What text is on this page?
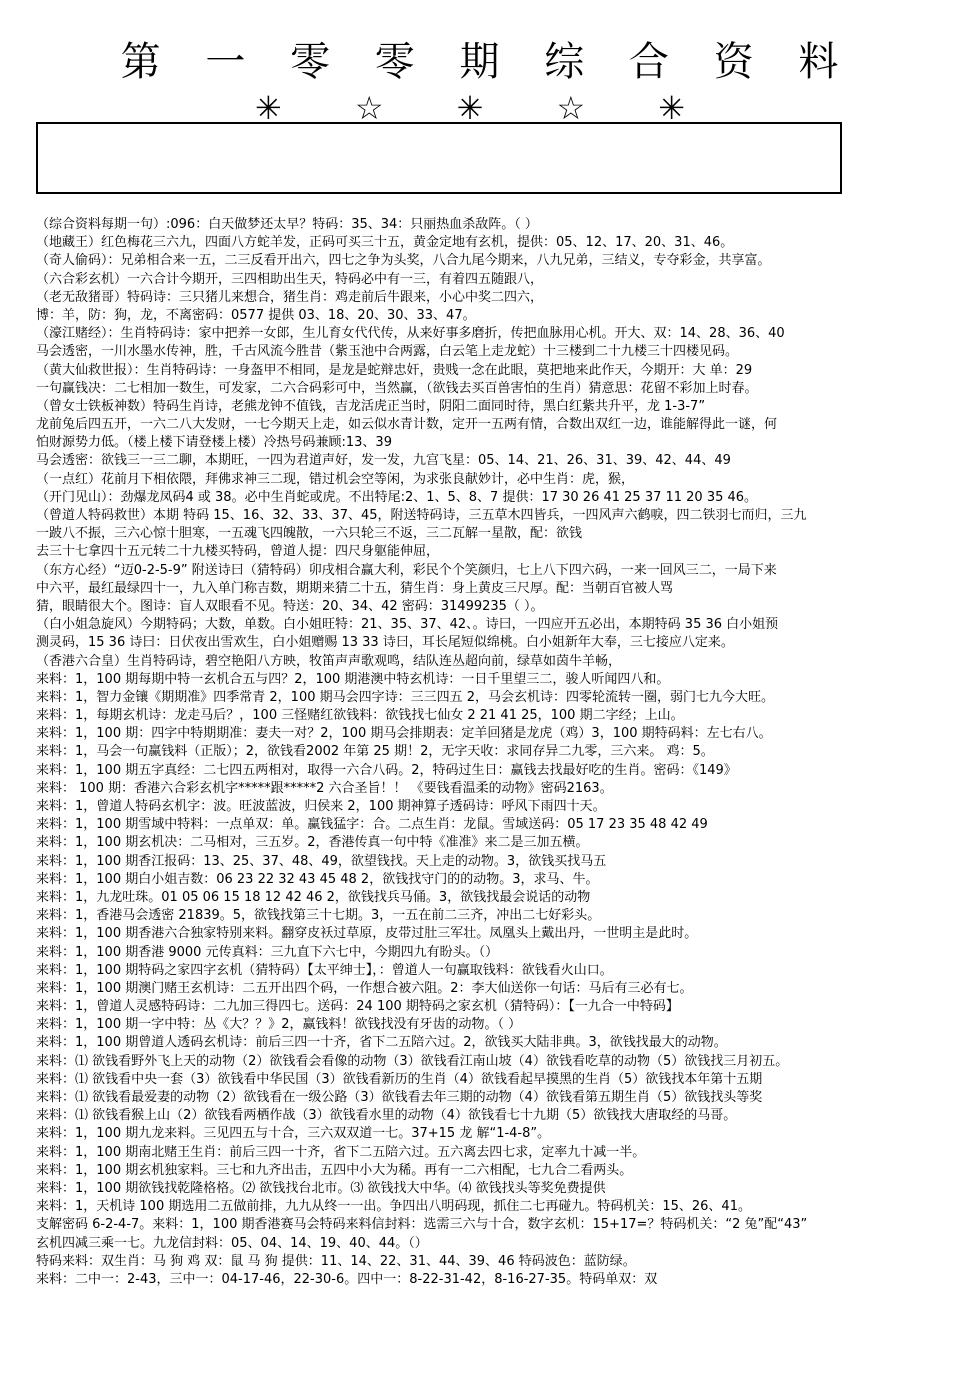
第 一 零 零 期 综 合 资 料
✳ ☆ ✳ ☆ ✳
（综合资料每期一句）:096：白天做梦还太早？特码：35、34：只丽热血杀敌阵。（ ）
（地藏王）红色梅花三六九，四面八方蛇羊发，正码可买三十五，黄金定地有玄机，提供：05、12、17、20、31、46。
（奇人偷码）：兄弟相合来一五，二三反看开出六，四七之争为头奖，八合九尾今期来，八九兄弟，三结义，专夺彩金，共享富。
（六合彩玄机）一六合计今期开，三四相助出生天，特码必中有一三，有着四五随跟八，
（老无敌猪哥）特码诗：三只猪儿来想合，猪生肖：鸡走前后牛跟来，小心中奖二四六，
博：羊，防：狗，龙，不离密码：0577 提供 03、18、20、30、33、47。
（濠江赌经）：生肖特码诗：家中把养一女郎，生儿育女代代传，从来好事多磨折，传把血脉用心机。开大、双：14、28、36、40
马会透密，一川水墨水传神，胜，千古风流今胜昔（紫玉池中合两露，白云笔上走龙蛇）十三楼到二十九楼三十四楼见码。
（黄大仙救世报）：生肖特码诗：一身盔甲不相同，是龙是蛇辩忠奸，贵贱一念在此眼，莫把地来此作天，今期开：大 单：29
一句赢钱决：二七相加一数生，可发家，二六合码彩可中，当然赢，（欲钱去买百兽害怕的生肖）猜意思：花留不彩加上时春。
（曾女士铁板神数）特码生肖诗，老熊龙钟不值钱，吉龙活虎正当时，阴阳二面同时待，黑白红紫共升平，龙 1-3-7”
龙前兔后四五开，一六二八大发财，一七今期天上走，如云似水青计数，定开一五两有情，合数出双红一边，谁能解得此一谜，何
怕财源势力低。（楼上楼下请登楼上楼）冷热号码兼顾:13、39
马会透密：欲钱三一三二聊，本期旺，一四为君道声好，发一发，九宫飞星：05、14、21、26、31、39、42、44、49
（一点红）花前月下相依隈，拜佛求神三二现，错过机会空等闲，为求张良献妙计，必中生肖：虎，猴，
（开门见山）：劲爆龙凤码4 或 38。必中生肖蛇或虎。不出特尾:2、1、5、8、7 提供：17 30 26 41 25 37 11 20 35 46。
（曾道人特码救世）本期 特码 15、16、32、33、37、45，附送特码诗，三五草木四皆兵，一四风声六鹤唳，四二铁羽七而归，三九
一跛八不振，三六心惊十胆寒，一五魂飞四魄散，一六只轮三不返，三二瓦解一星散，配：欲钱
去三十七拿四十五元转二十九楼买特码，曾道人提：四尺身躯能伸屈，
（东方心经）“迈0-2-5-9” 附送诗曰（猜特码）卯戌相合赢大利，彩民个个笑颜归，七上八下四六码，一来一回风三二，一局下来
中六平，最红最绿四十一，九入单门称吉数，期期来猜二十五，猜生肖：身上黄皮三尺厚。配：当朝百官被人骂
猜，眼睛很大个。图诗：盲人双眼看不见。特送：20、34、42 密码：31499235（ ）。
（白小姐急旋风）今期特码；大数，单数。白小姐旺特：21、35、37、42、。诗曰，一四应开五必出，本期特码 35 36 白小姐预
测灵码，15 36 诗曰：日伏夜出雪欢生，白小姐赠赐 13 33 诗曰，耳长尾短似绵桃。白小姐新年大奉，三七接应八定来。
（香港六合皇）生肖特码诗，碧空艳阳八方映，牧笛声声歌观鸣，结队连丛超向前，绿草如茵牛羊畅，
来料：1，100 期每期中特一玄机合五与四？2，100 期港澳中特玄机诗：一日千里望三二，骏人听闻四八和。
来料：1，智力金镶《期期准》四季常青 2，100 期马会四字诗：三三四五 2，马会玄机诗：四零轮流转一圈，弱门七九今大旺。
来料：1，每期玄机诗：龙走马后？，100 三怪赌红欲钱料：欲钱找七仙女 2 21 41 25，100 期二字经；上山。
来料：1，100 期：四字中特期期准：妻夫一对？2，100 期马会排期表：定羊回猪是龙虎（鸡）3，100 期特码料：左七右八。
来料：1，马会一句赢钱料（正版）；2，欲钱看2002 年第 25 期！2，无字天收：求同存异二九零，三六来。 鸡：5。
来料：1，100 期五字真经：二七四五两相对，取得一六合八码。2，特码过生日：赢钱去找最好吃的生肖。密码：《149》
来料： 100 期：香港六合彩玄机字*****跟*****2 六合圣旨！！ 《要钱看温柔的动物》密码2163。
来料：1，曾道人特码玄机字：波。旺波蓝波，归侯来 2，100 期神算子透码诗：呼风下雨四十天。
来料：1，100 期雪域中特料：一点单双：单。赢钱猛字：合。二点生肖：龙鼠。雪域送码：05 17 23 35 48 42 49
来料：1，100 期玄机决：二马相对，三五岁。2，香港传真一句中特《准准》来二是三加五横。
来料：1，100 期香江报码：13、25、37、48、49，欲望钱找。天上走的动物。3，欲钱买找马五
来料：1，100 期白小姐吉数：06 23 22 32 43 45 48 2，欲钱找守门的的动物。3，求马、牛。
来料：1，九龙吐珠。01 05 06 15 18 12 42 46 2，欲钱找兵马俑。3，欲钱找最会说话的动物
来料：1，香港马会透密 21839。5，欲钱找第三十七期。3，一五在前二三齐，冲出二七好彩头。
来料：1，100 期香港六合独家特别来料。翻穿皮袄过草原，皮带过肚三军壮。凤凰头上戴出丹，一世明主是此时。
来料：1，100 期香港 9000 元传真料：三九直下六七中，今期四九有盼头。（）
来料：1，100 期特码之家四字玄机（猜特码）【太平绅士】，：曾道人一句赢取钱料：欲钱看火山口。
来料：1，100 期澳门赌王玄机诗：二五开出四个码，一作想合被六阻。2：李大仙送你一句话：马后有三必有七。
来料：1，曾道人灵感特码诗：二九加三得四七。送码：24 100 期特码之家玄机（猜特码）：【一九合一中特码】
来料：1，100 期一字中特：丛《大？？》2，赢钱料！欲钱找没有牙齿的动物。（ ）
来料：1，100 期曾道人透码玄机诗：前后三四一十齐，省下二五陪六过。2，欲钱买大陆非典。3，欲钱找最大的动物。
来料：⑴ 欲钱看野外飞上天的动物（2）欲钱看会看像的动物（3）欲钱看江南山坡（4）欲钱看吃草的动物（5）欲钱找三月初五。
来料：⑴ 欲钱看中央一套（3）欲钱看中华民国（3）欲钱看新历的生肖（4）欲钱看起早摸黑的生肖（5）欲钱找本年第十五期
来料：⑴ 欲钱看最爱妻的动物（2）欲钱看在一级公路（3）欲钱看去年三期的动物（4）欲钱看第五期生肖（5）欲钱找头等奖
来料：⑴ 欲钱看猴上山（2）欲钱看两栖作战（3）欲钱看水里的动物（4）欲钱看七十九期（5）欲钱找大唐取经的马哥。
来料：1，100 期九龙来料。三见四五与十合，三六双双道一七。37+15 龙 解“1-4-8”。
来料：1，100 期南北赌王生肖：前后三四一十齐，省下二五陪六过。五六离去四七求，定率九十减一半。
来料：1，100 期玄机独家料。三七和九齐出击，五四中小大为稀。再有一二六相配，七九合二看两头。
来料：1，100 期欲钱找乾隆格格。⑵ 欲钱找台北市。⑶ 欲钱找大中华。⑷ 欲钱找头等奖免费提供
来料：1，天机诗 100 期选用二五做前排，九九从终一一出。争四出八明码现，抓住二七再碰九。特码机关：15、26、41。
支解密码 6-2-4-7。来料：1，100 期香港赛马会特码来料信封料：选需三六与十合，数字玄机：15+17=？特码机关：“2 兔”配“43”
玄机四减三乘一七。九龙信封料：05、04、14、19、40、44。（）
特码来料：双生肖：马 狗 鸡 双：鼠 马 狗 提供：11、14、22、31、44、39、46 特码波色：蓝防绿。
来料：二中一：2-43，三中一：04-17-46，22-30-6。四中一：8-22-31-42，8-16-27-35。特码单双：双
